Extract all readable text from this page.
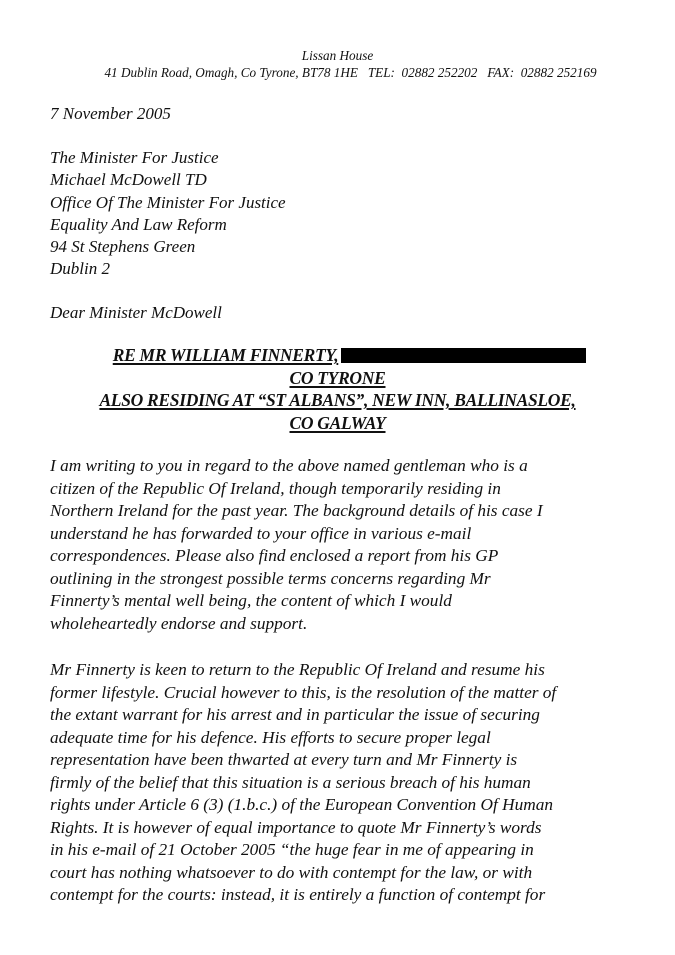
Lissan House
41 Dublin Road, Omagh, Co Tyrone, BT78 1HE   TEL:  02882 252202   FAX:  02882 252169
7 November 2005
The Minister For Justice
Michael McDowell TD
Office Of The Minister For Justice
Equality And Law Reform
94 St Stephens Green
Dublin 2
Dear Minister McDowell
RE MR WILLIAM FINNERTY,
CO TYRONE
ALSO RESIDING AT “ST ALBANS”, NEW INN, BALLINASLOE,
CO GALWAY
I am writing to you in regard to the above named gentleman who is a
citizen of the Republic Of Ireland, though temporarily residing in
Northern Ireland for the past year. The background details of his case I
understand he has forwarded to your office in various e-mail
correspondences. Please also find enclosed a report from his GP
outlining in the strongest possible terms concerns regarding Mr
Finnerty’s mental well being, the content of which I would
wholeheartedly endorse and support.
Mr Finnerty is keen to return to the Republic Of Ireland and resume his
former lifestyle. Crucial however to this, is the resolution of the matter of
the extant warrant for his arrest and in particular the issue of securing
adequate time for his defence. His efforts to secure proper legal
representation have been thwarted at every turn and Mr Finnerty is
firmly of the belief that this situation is a serious breach of his human
rights under Article 6 (3) (1.b.c.) of the European Convention Of Human
Rights. It is however of equal importance to quote Mr Finnerty’s words
in his e-mail of 21 October 2005 “the huge fear in me of appearing in
court has nothing whatsoever to do with contempt for the law, or with
contempt for the courts: instead, it is entirely a function of contempt for
